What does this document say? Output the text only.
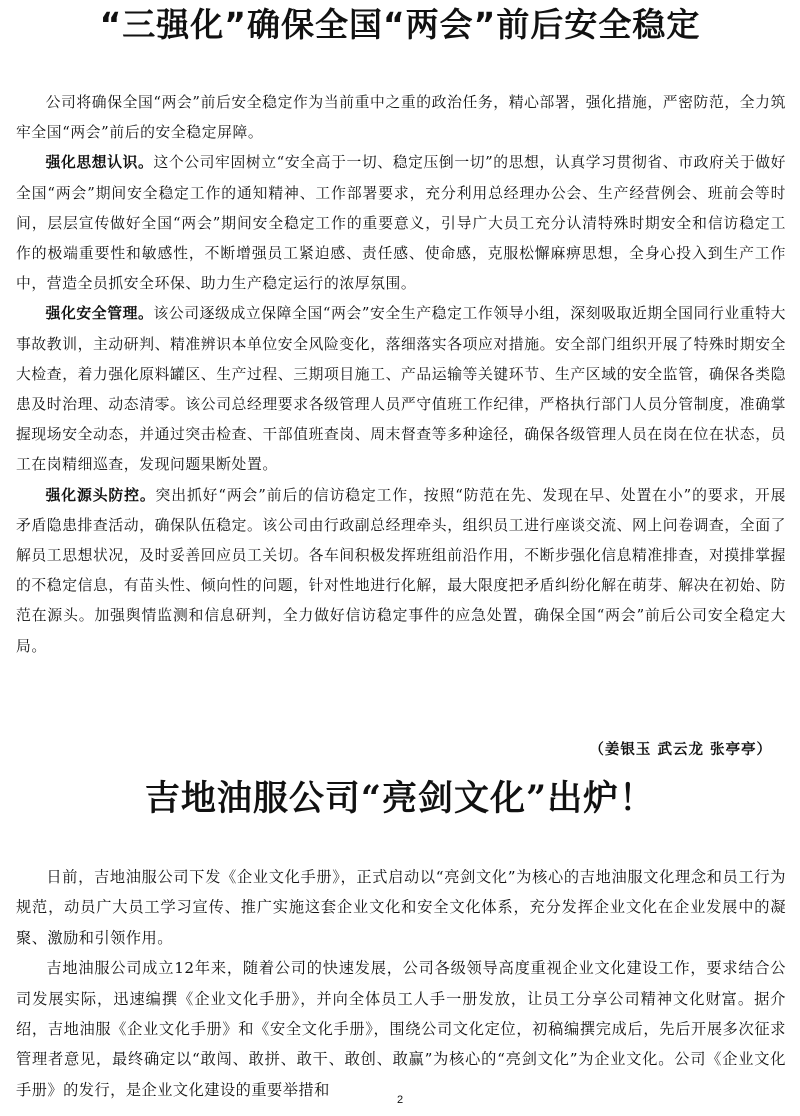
“三强化”确保全国“两会”前后安全稳定

公司将确保全国“两会”前后安全稳定作为当前重中之重的政治任务，精心部署，强化措施，严密防范，全力筑牢全国“两会”前后的安全稳定屏障。

强化思想认识。这个公司牢固树立“安全高于一切、稳定压倒一切”的思想，认真学习贯彻省、市政府关于做好全国“两会”期间安全稳定工作的通知精神、工作部署要求，充分利用总经理办公会、生产经营例会、班前会等时间，层层宣传做好全国“两会”期间安全稳定工作的重要意义，引导广大员工充分认清特殊时期安全和信访稳定工作的极端重要性和敏感性，不断增强员工紧迫感、责任感、使命感，克服松懈麻痹思想，全身心投入到生产工作中，营造全员抓安全环保、助力生产稳定运行的浓厚氛围。

强化安全管理。该公司逐级成立保障全国“两会”安全生产稳定工作领导小组，深刻吸取近期全国同行业重特大事故教训，主动研判、精准辨识本单位安全风险变化，落细落实各项应对措施。安全部门组织开展了特殊时期安全大检查，着力强化原料罐区、生产过程、三期项目施工、产品运输等关键环节、生产区域的安全监管，确保各类隐患及时治理、动态清零。该公司总经理要求各级管理人员严守值班工作纪律，严格执行部门人员分管制度，准确掌握现场安全动态，并通过突击检查、干部值班查岗、周末督查等多种途径，确保各级管理人员在岗在位在状态，员工在岗精细巡查，发现问题果断处置。

强化源头防控。突出抓好“两会”前后的信访稳定工作，按照“防范在先、发现在早、处置在小”的要求，开展矛盾隐患排查活动，确保队伍稳定。该公司由行政副总经理牵头，组织员工进行座谈交流、网上问卷调查，全面了解员工思想状况，及时妥善回应员工关切。各车间积极发挥班组前沿作用，不断步强化信息精准排查，对摸排掌握的不稳定信息，有苗头性、倾向性的问题，针对性地进行化解，最大限度把矛盾纠纷化解在萌芽、解决在初始、防范在源头。加强舆情监测和信息研判，全力做好信访稳定事件的应急处置，确保全国“两会”前后公司安全稳定大局。

（姜银玉 武云龙 张亭亭）
吉地油服公司“亮剑文化”出炉！

日前，吉地油服公司下发《企业文化手册》，正式启动以“亮剑文化”为核心的吉地油服文化理念和员工行为规范，动员广大员工学习宣传、推广实施这套企业文化和安全文化体系，充分发挥企业文化在企业发展中的凝聚、激励和引领作用。

吉地油服公司成立12年来，随着公司的快速发展，公司各级领导高度重视企业文化建设工作，要求结合公司发展实际，迅速编撰《企业文化手册》，并向全体员工人手一册发放，让员工分享公司精神文化财富。据介绍，吉地油服《企业文化手册》和《安全文化手册》，围绕公司文化定位，初稿编撰完成后，先后开展多次征求管理者意见，最终确定以“敢闯、敢拼、敢干、敢创、敢赢”为核心的“亮剑文化”为企业文化。公司《企业文化手册》的发行，是企业文化建设的重要举措和

2
